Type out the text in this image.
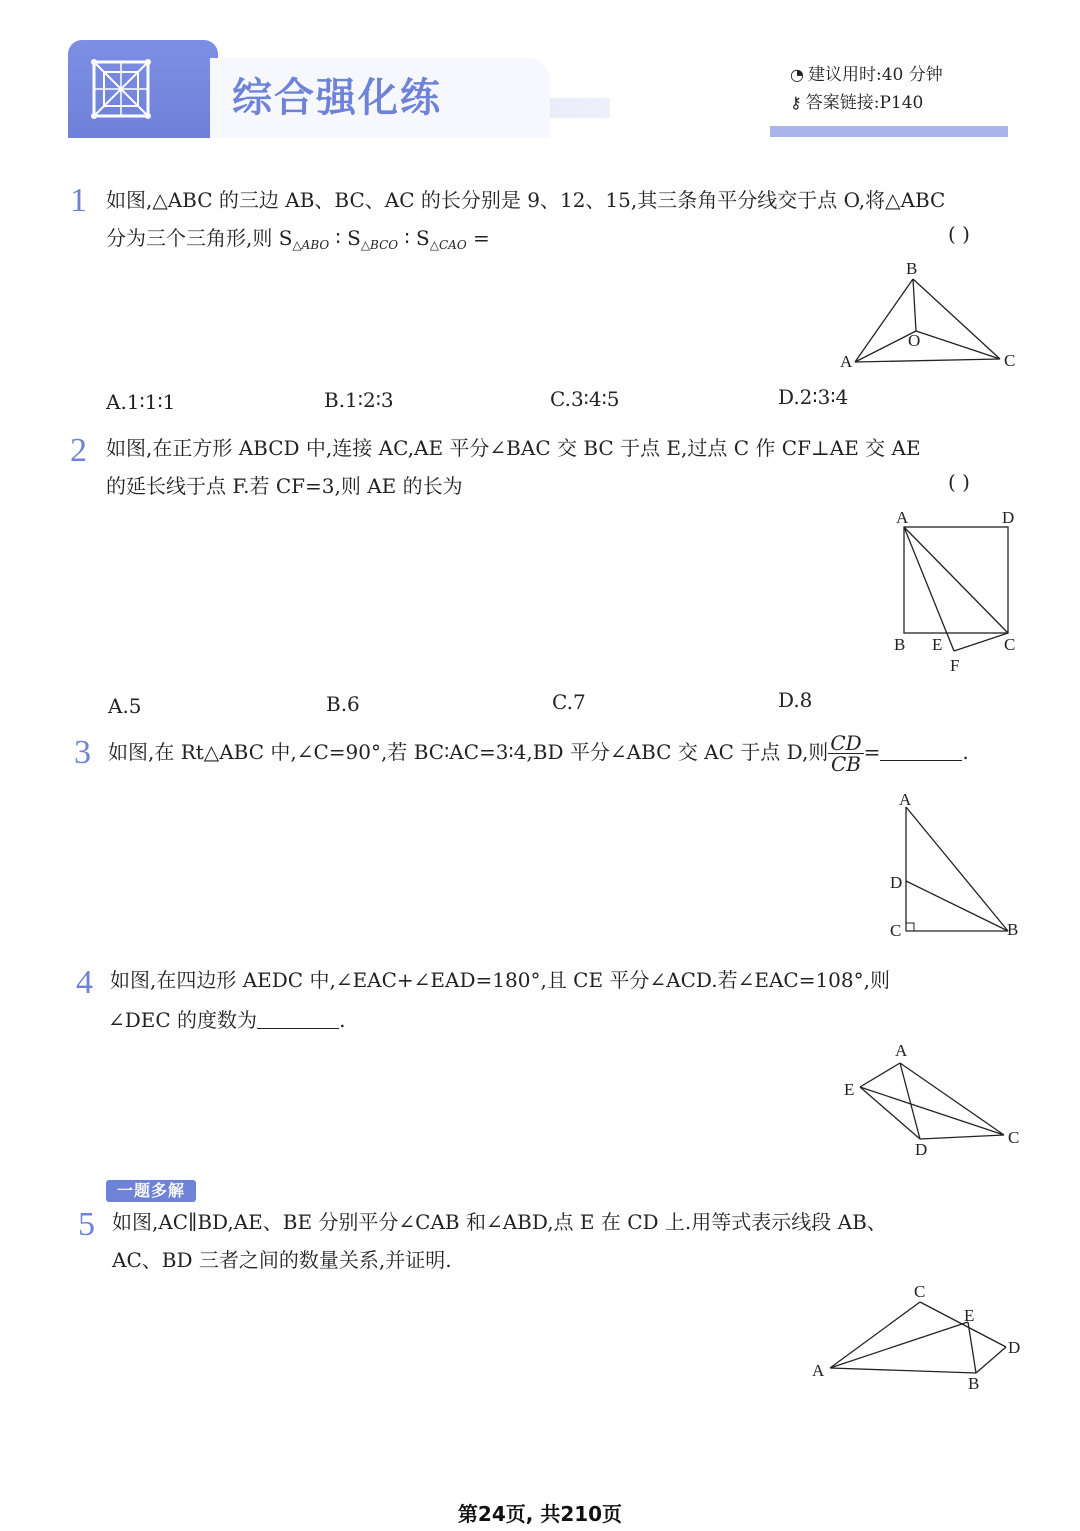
综合强化练
◔ 建议用时:40 分钟
⚷ 答案链接:P140
1 如图,△ABC 的三边 AB、BC、AC 的长分别是 9、12、15,其三条角平分线交于点 O,将△ABC
分为三个三角形,则 $S_{\triangle ABO}$ ∶ $S_{\triangle BCO}$ ∶ $S_{\triangle CAO}$ =	( )
B
A	C
O
A.1∶1∶1	B.1∶2∶3	C.3∶4∶5	D.2∶3∶4
2 如图,在正方形 ABCD 中,连接 AC,AE 平分∠BAC 交 BC 于点 E,过点 C 作 CF⊥AE 交 AE
的延长线于点 F.若 CF=3,则 AE 的长为	( )
A	D
B E	C
F
A.5	B.6	C.7	D.8
3 如图,在 Rt△ABC 中,∠C=90°,若 BC∶AC=3∶4,BD 平分∠ABC 交 AC 于点 D,则 $\frac{CD}{CB}$ =	.
A
D
C	B
4 如图,在四边形 AEDC 中,∠EAC+∠EAD=180°,且 CE 平分∠ACD.若∠EAC=108°,则
∠DEC 的度数为	.
A
E
D
C
一题多解
5 如图,AC∥BD,AE、BE 分别平分∠CAB 和∠ABD,点 E 在 CD 上.用等式表示线段 AB、
AC、BD 三者之间的数量关系,并证明.
C
E
D
A
B
第24页, 共210页
